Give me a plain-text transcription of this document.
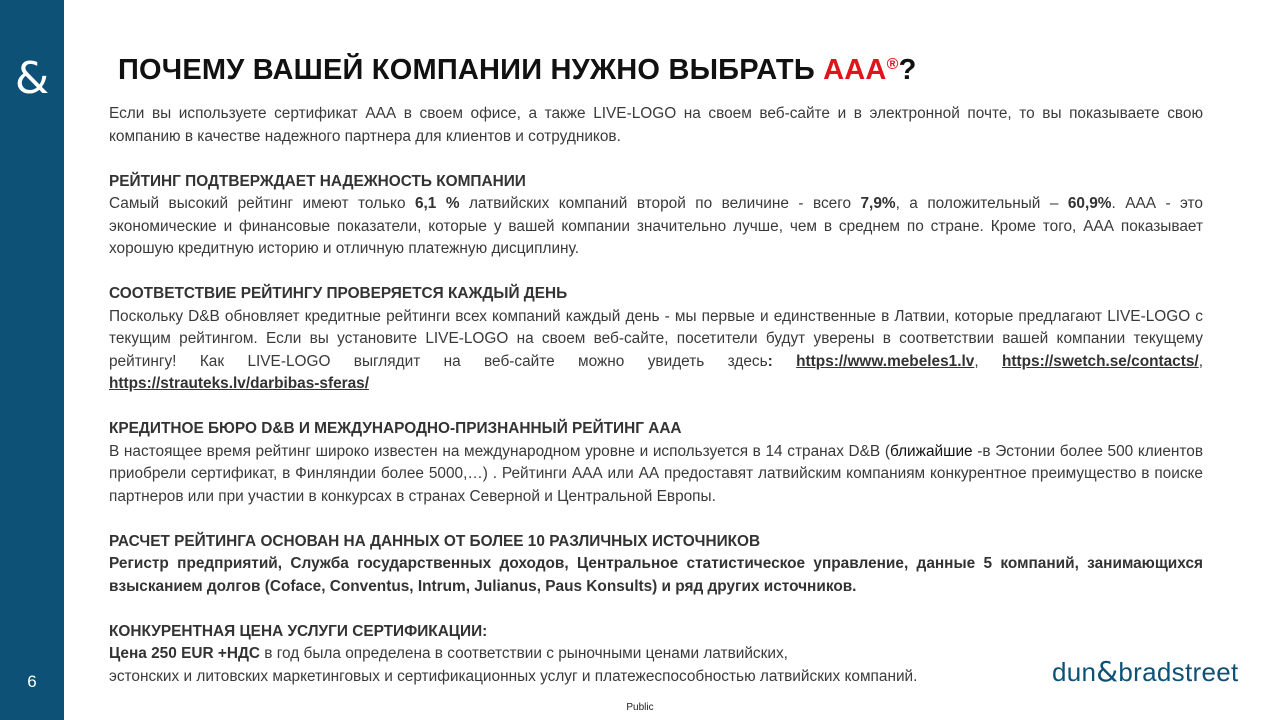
&
6
ПОЧЕМУ ВАШЕЙ КОМПАНИИ НУЖНО ВЫБРАТЬ AAA®?

Если вы используете сертификат ААА в своем офисе, а также LIVE-LOGO на своем веб-сайте и в электронной почте, то вы показываете свою компанию в качестве надежного партнера для клиентов и сотрудников.

РЕЙТИНГ ПОДТВЕРЖДАЕТ НАДЕЖНОСТЬ КОМПАНИИ

Самый высокий рейтинг имеют только 6,1 % латвийских компаний второй по величине - всего 7,9%, а положительный – 60,9%. ААА - это экономические и финансовые показатели, которые у вашей компании значительно лучше, чем в среднем по стране. Кроме того, ААА показывает хорошую кредитную историю и отличную платежную дисциплину.

СООТВЕТСТВИЕ РЕЙТИНГУ ПРОВЕРЯЕТСЯ КАЖДЫЙ ДЕНЬ

Поскольку D&B обновляет кредитные рейтинги всех компаний каждый день - мы первые и единственные в Латвии, которые предлагают LIVE-LOGO с текущим рейтингом. Если вы установите LIVE-LOGO на своем веб-сайте, посетители будут уверены в соответствии вашей компании текущему рейтингу! Как LIVE-LOGO выглядит на веб-сайте можно увидеть здесь: https://www.mebeles1.lv, https://swetch.se/contacts/, https://strauteks.lv/darbibas-sferas/

КРЕДИТНОЕ БЮРО D&B И МЕЖДУНАРОДНО-ПРИЗНАННЫЙ РЕЙТИНГ ААА

В настоящее время рейтинг широко известен на международном уровне и используется в 14 странах D&B (ближайшие -в Эстонии более 500 клиентов приобрели сертификат, в Финляндии более 5000,…) . Рейтинги ААА или АА предоставят латвийским компаниям конкурентное преимущество в поиске партнеров или при участии в конкурсах в странах Северной и Центральной Европы.

РАСЧЕТ РЕЙТИНГА ОСНОВАН НА ДАННЫХ ОТ БОЛЕЕ 10 РАЗЛИЧНЫХ ИСТОЧНИКОВ

Регистр предприятий, Служба государственных доходов, Центральное статистическое управление, данные 5 компаний, занимающихся взысканием долгов (Coface, Conventus, Intrum, Julianus, Paus Konsults) и ряд других источников.

КОНКУРЕНТНАЯ ЦЕНА УСЛУГИ СЕРТИФИКАЦИИ:

Цена 250 EUR +НДС в год была определена в соответствии с рыночными ценами латвийских,

эстонских и литовских маркетинговых и сертификационных услуг и платежеспособностью латвийских компаний.	dun&bradstreet
Public
